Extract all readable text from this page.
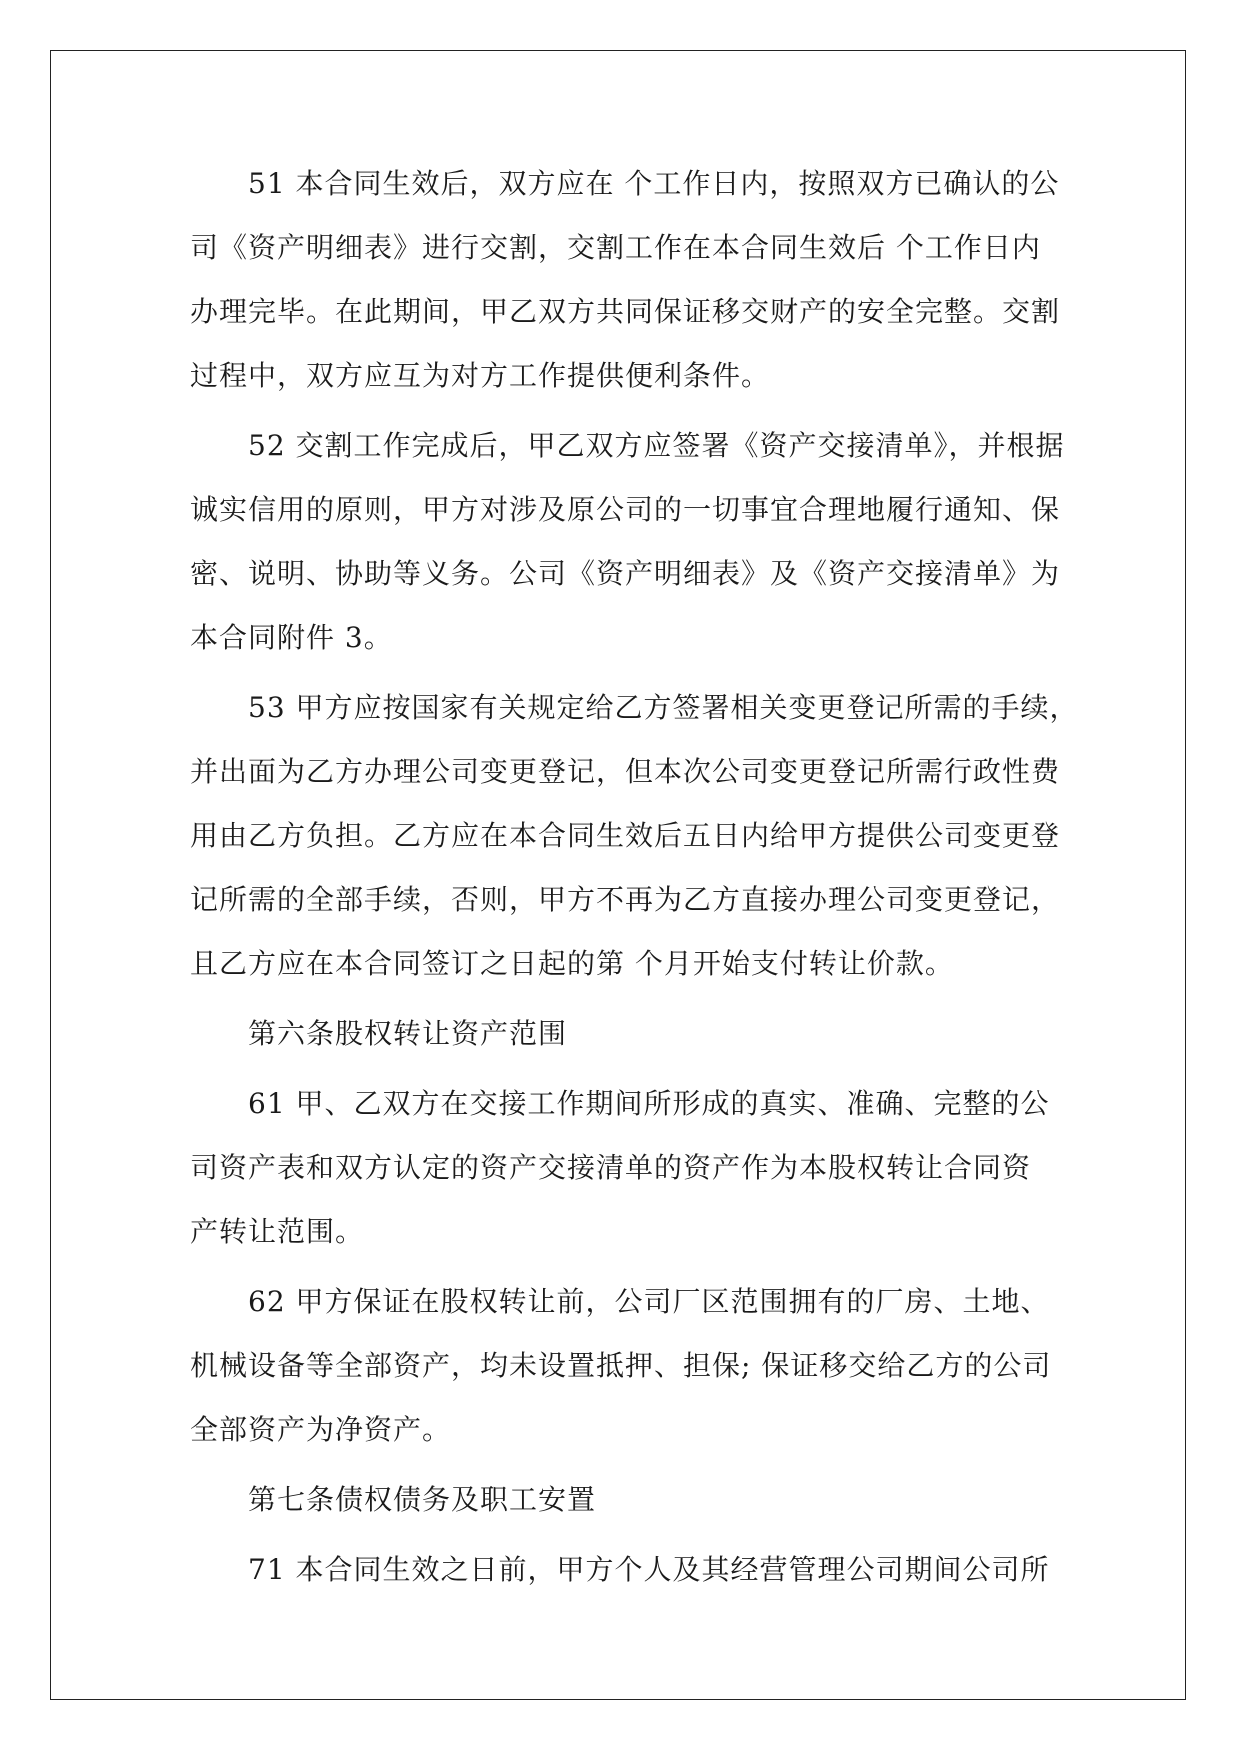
51 本合同生效后，双方应在 个工作日内，按照双方已确认的公

司《资产明细表》进行交割，交割工作在本合同生效后 个工作日内

办理完毕。在此期间，甲乙双方共同保证移交财产的安全完整。交割

过程中，双方应互为对方工作提供便利条件。

52 交割工作完成后，甲乙双方应签署《资产交接清单》，并根据

诚实信用的原则，甲方对涉及原公司的一切事宜合理地履行通知、保

密、说明、协助等义务。公司《资产明细表》及《资产交接清单》为

本合同附件 3。

53 甲方应按国家有关规定给乙方签署相关变更登记所需的手续，

并出面为乙方办理公司变更登记，但本次公司变更登记所需行政性费

用由乙方负担。乙方应在本合同生效后五日内给甲方提供公司变更登

记所需的全部手续，否则，甲方不再为乙方直接办理公司变更登记，

且乙方应在本合同签订之日起的第 个月开始支付转让价款。

第六条股权转让资产范围

61 甲、乙双方在交接工作期间所形成的真实、准确、完整的公

司资产表和双方认定的资产交接清单的资产作为本股权转让合同资

产转让范围。

62 甲方保证在股权转让前，公司厂区范围拥有的厂房、土地、

机械设备等全部资产，均未设置抵押、担保; 保证移交给乙方的公司

全部资产为净资产。

第七条债权债务及职工安置

71 本合同生效之日前，甲方个人及其经营管理公司期间公司所
